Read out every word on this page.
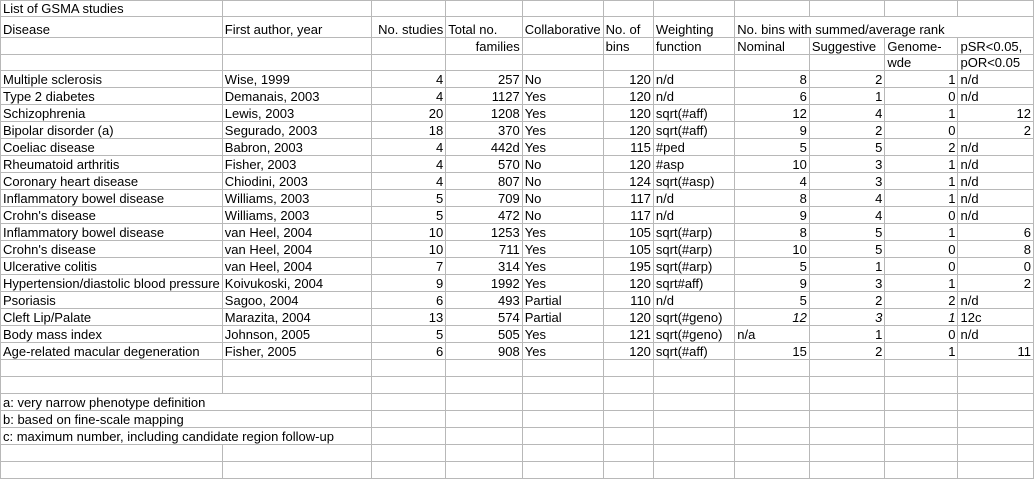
List of GSMA studies										
Disease	First author, year	No. studies	Total no.	Collaborative	No. of	Weighting	No. bins with summed/average rank			
			families		bins	function	Nominal	Suggestive	Genome-	pSR<0.05,
									wde	pOR<0.05
Multiple sclerosis	Wise, 1999	4	257	No	120	n/d	8	2	1	n/d
Type 2 diabetes	Demanais, 2003	4	1127	Yes	120	n/d	6	1	0	n/d
Schizophrenia	Lewis, 2003	20	1208	Yes	120	sqrt(#aff)	12	4	1	12
Bipolar disorder (a)	Segurado, 2003	18	370	Yes	120	sqrt(#aff)	9	2	0	2
Coeliac disease	Babron, 2003	4	442d	Yes	115	#ped	5	5	2	n/d
Rheumatoid arthritis	Fisher, 2003	4	570	No	120	#asp	10	3	1	n/d
Coronary heart disease	Chiodini, 2003	4	807	No	124	sqrt(#asp)	4	3	1	n/d
Inflammatory bowel disease	Williams, 2003	5	709	No	117	n/d	8	4	1	n/d
Crohn's disease	Williams, 2003	5	472	No	117	n/d	9	4	0	n/d
Inflammatory bowel disease	van Heel, 2004	10	1253	Yes	105	sqrt(#arp)	8	5	1	6
Crohn's disease	van Heel, 2004	10	711	Yes	105	sqrt(#arp)	10	5	0	8
Ulcerative colitis	van Heel, 2004	7	314	Yes	195	sqrt(#arp)	5	1	0	0
Hypertension/diastolic blood pressure	Koivukoski, 2004	9	1992	Yes	120	sqrt#aff)	9	3	1	2
Psoriasis	Sagoo, 2004	6	493	Partial	110	n/d	5	2	2	n/d
Cleft Lip/Palate	Marazita, 2004	13	574	Partial	120	sqrt(#geno)	12	3	1	12c
Body mass index	Johnson, 2005	5	505	Yes	121	sqrt(#geno)	n/a	1	0	n/d
Age-related macular degeneration	Fisher, 2005	6	908	Yes	120	sqrt(#aff)	15	2	1	11

a: very narrow phenotype definition										
b: based on fine-scale mapping										
c: maximum number, including candidate region follow-up										
